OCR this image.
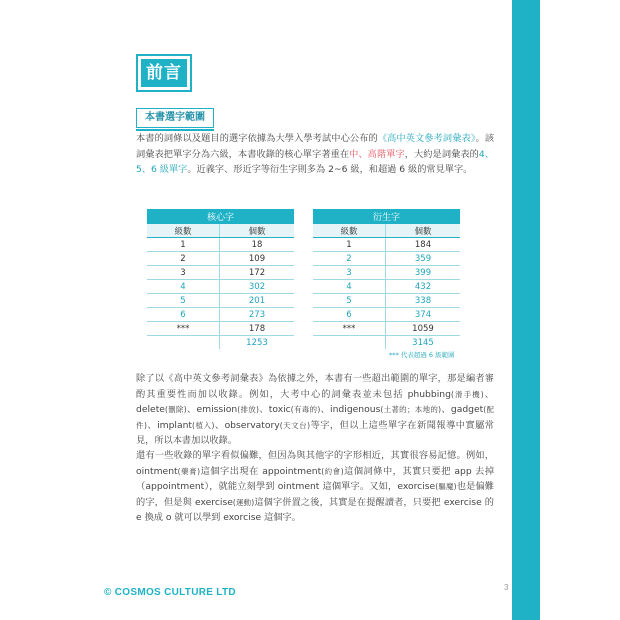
3
前言
本書選字範圍

本書的詞條以及題目的選字依據為大學入學考試中心公布的《高中英文參考詞彙表》。該詞彙表把單字分為六級，本書收錄的核心單字著重在中、高階單字，大約是詞彙表的4、5、6 級單字。近義字、形近字等衍生字則多為 2~6 級，和超過 6 級的常見單字。

核心字	
級數	個數
1	18
2	109
3	172
4	302
5	201
6	273
***	178
	1253
衍生字	
級數	個數
1	184
2	359
3	399
4	432
5	338
6	374
***	1059
	3145
*** 代表超過 6 級範圍

除了以《高中英文參考詞彙表》為依據之外，本書有一些超出範圍的單字，那是編者審酌其重要性而加以收錄。例如，大考中心的詞彙表並未包括 phubbing(滑手機)、delete(刪除)、emission(排放)、toxic(有毒的)、indigenous(土著的；本地的)、gadget(配件)、implant(植入)、observatory(天文台)等字，但以上這些單字在新聞報導中實屬常見，所以本書加以收錄。

還有一些收錄的單字看似偏難，但因為與其他字的字形相近，其實很容易記憶。例如，ointment(藥膏)這個字出現在 appointment(約會)這個詞條中，其實只要把 app 去掉（appointment），就能立刻學到 ointment 這個單字。又如，exorcise(驅魔)也是偏難的字，但是與 exercise(運動)這個字併置之後，其實是在提醒讀者，只要把 exercise 的 e 換成 o 就可以學到 exorcise 這個字。

© COSMOS CULTURE LTD
